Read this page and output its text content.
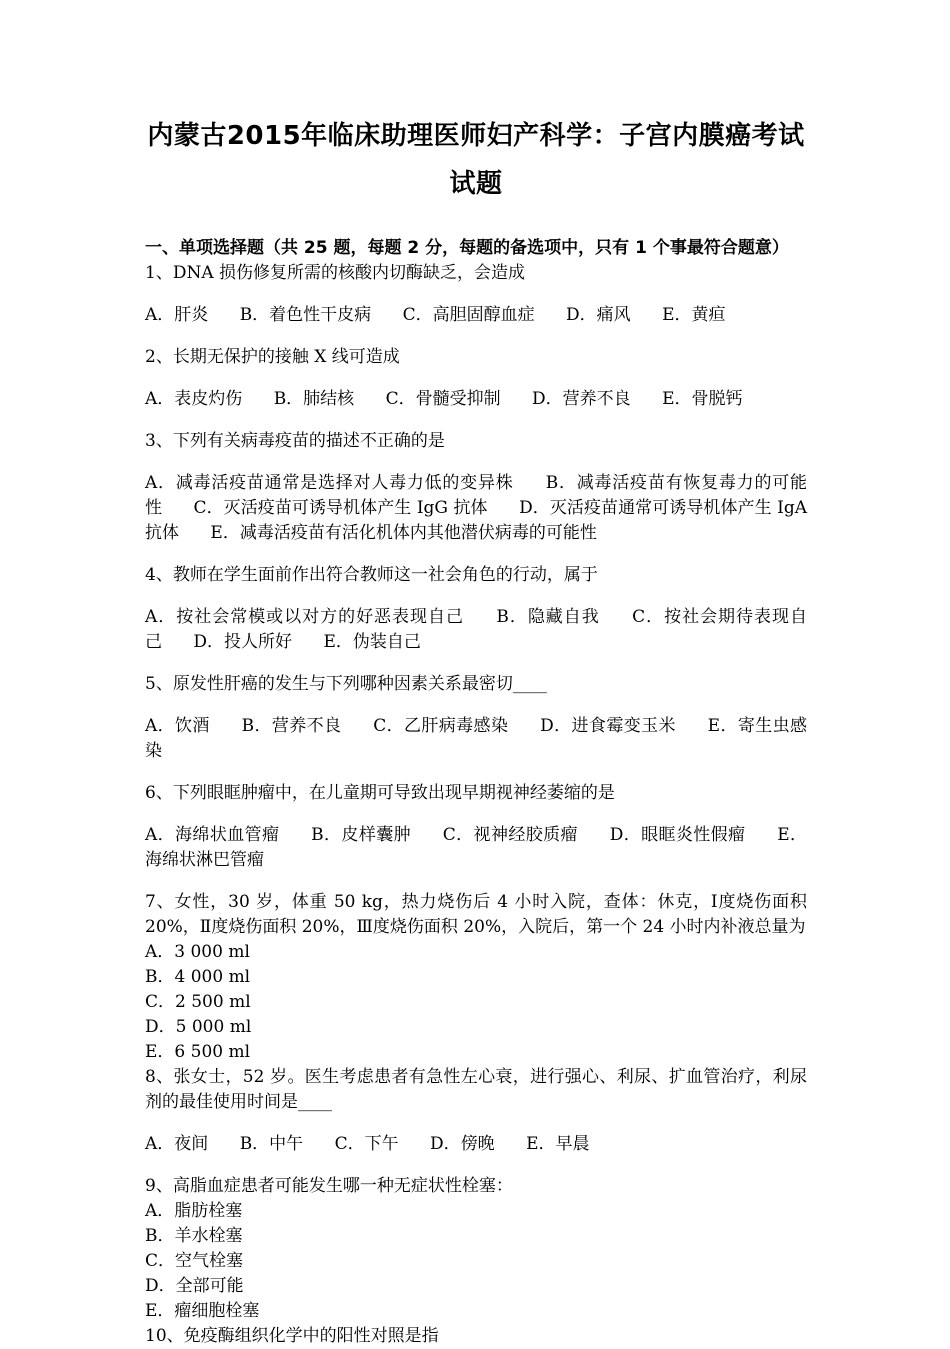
内蒙古2015年临床助理医师妇产科学：子宫内膜癌考试试题

一、单项选择题（共 25 题，每题 2 分，每题的备选项中，只有 1 个事最符合题意）

1、DNA 损伤修复所需的核酸内切酶缺乏，会造成

A．肝炎 B．着色性干皮病 C．高胆固醇血症 D．痛风 E．黄疸

2、长期无保护的接触 X 线可造成

A．表皮灼伤 B．肺结核 C．骨髓受抑制 D．营养不良 E．骨脱钙

3、下列有关病毒疫苗的描述不正确的是

A．减毒活疫苗通常是选择对人毒力低的变异株 B．减毒活疫苗有恢复毒力的可能性 C．灭活疫苗可诱导机体产生 IgG 抗体 D．灭活疫苗通常可诱导机体产生 IgA 抗体 E．减毒活疫苗有活化机体内其他潜伏病毒的可能性

4、教师在学生面前作出符合教师这一社会角色的行动，属于

A．按社会常模或以对方的好恶表现自己 B．隐藏自我 C．按社会期待表现自己 D．投人所好 E．伪装自己

5、原发性肝癌的发生与下列哪种因素关系最密切____

A．饮酒 B．营养不良 C．乙肝病毒感染 D．进食霉变玉米 E．寄生虫感染

6、下列眼眶肿瘤中，在儿童期可导致出现早期视神经萎缩的是

A．海绵状血管瘤 B．皮样囊肿 C．视神经胶质瘤 D．眼眶炎性假瘤 E．海绵状淋巴管瘤

7、女性，30 岁，体重 50 kg，热力烧伤后 4 小时入院，查体：休克，Ⅰ度烧伤面积 20%，Ⅱ度烧伤面积 20%，Ⅲ度烧伤面积 20%，入院后，第一个 24 小时内补液总量为

A．3 000 ml

B．4 000 ml

C．2 500 ml

D．5 000 ml

E．6 500 ml

8、张女士，52 岁。医生考虑患者有急性左心衰，进行强心、利尿、扩血管治疗，利尿剂的最佳使用时间是____

A．夜间 B．中午 C．下午 D．傍晚 E．早晨

9、高脂血症患者可能发生哪一种无症状性栓塞：

A．脂肪栓塞

B．羊水栓塞

C．空气栓塞

D．全部可能

E．瘤细胞栓塞

10、免疫酶组织化学中的阳性对照是指
